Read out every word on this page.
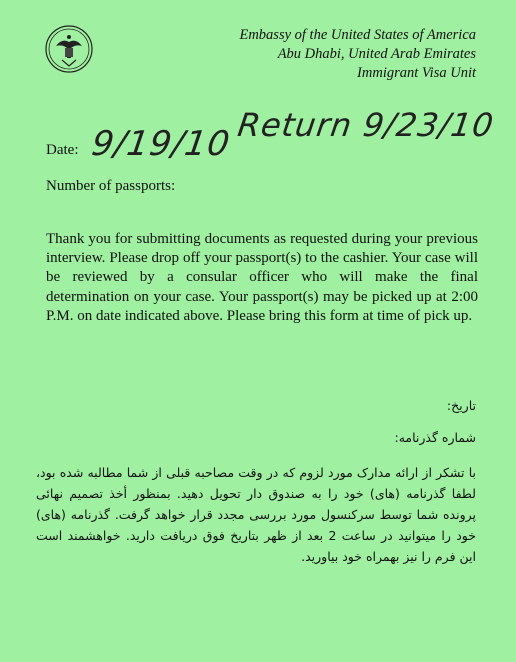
Embassy of the United States of America
Abu Dhabi, United Arab Emirates
Immigrant Visa Unit
Date: 9/19/10 Return 9/23/10
Number of passports:
Thank you for submitting documents as requested during your previous interview. Please drop off your passport(s) to the cashier. Your case will be reviewed by a consular officer who will make the final determination on your case. Your passport(s) may be picked up at 2:00 P.M. on date indicated above. Please bring this form at time of pick up.
تاریخ:
شماره گذرنامه:
با تشکر از ارائه مدارک مورد لزوم که در وقت مصاحبه قبلی از شما مطالبه شده بود، لطفا گذرنامه (های) خود را به صندوق دار تحویل دهید. بمنظور أخذ تصمیم نهائی پرونده شما توسط سرکنسول مورد بررسی مجدد قرار خواهد گرفت. گذرنامه (های) خود را میتوانید در ساعت 2 بعد از ظهر بتاریخ فوق دریافت دارید. خواهشمند است این فرم را نیز بهمراه خود بیاورید.
